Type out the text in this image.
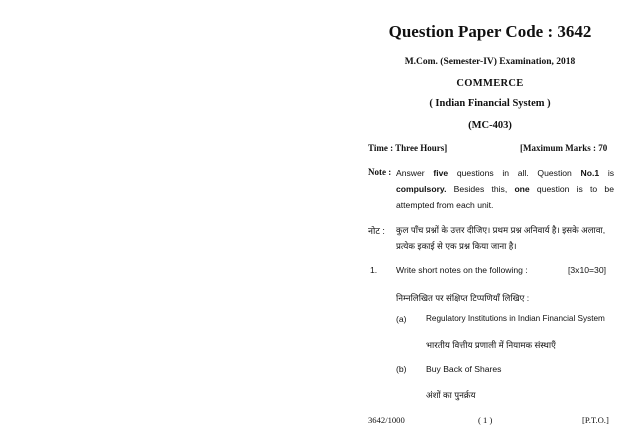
Question Paper Code : 3642
M.Com. (Semester-IV) Examination, 2018
COMMERCE
( Indian Financial System )
(MC-403)
Time : Three Hours]	[Maximum Marks : 70
Note : Answer five questions in all. Question No.1 is compulsory. Besides this, one question is to be attempted from each unit.
नोट : कुल पाँच प्रश्नों के उत्तर दीजिए। प्रथम प्रश्न अनिवार्य है। इसके अलावा, प्रत्येक इकाई से एक प्रश्न किया जाना है।
1. Write short notes on the following :	[3x10=30]
निम्नलिखित पर संक्षिप्त टिप्पणियाँ लिखिए :
(a) Regulatory Institutions in Indian Financial System
भारतीय वित्तीय प्रणाली में नियामक संस्थाएँ
(b) Buy Back of Shares
अंशों का पुनर्क्रय
3642/1000	( 1 )	[P.T.O.]
